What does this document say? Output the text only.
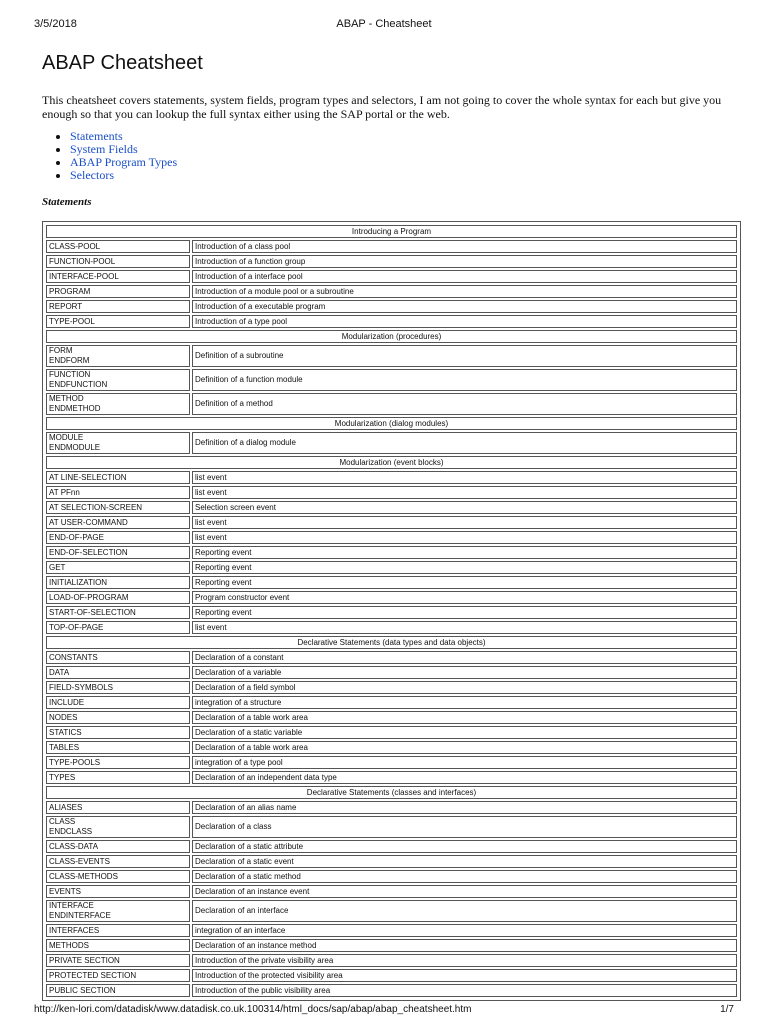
3/5/2018	ABAP - Cheatsheet
ABAP Cheatsheet
This cheatsheet covers statements, system fields, program types and selectors, I am not going to cover the whole syntax for each but give you enough so that you can lookup the full syntax either using the SAP portal or the web.
• Statements
• System Fields
• ABAP Program Types
• Selectors
Statements
Introducing a Program	
CLASS-POOL	Introduction of a class pool
FUNCTION-POOL	Introduction of a function group
INTERFACE-POOL	Introduction of a interface pool
PROGRAM	Introduction of a module pool or a subroutine
REPORT	Introduction of a executable program
TYPE-POOL	Introduction of a type pool
Modularization (procedures)	
FORM
ENDFORM	Definition of a subroutine
FUNCTION
ENDFUNCTION	Definition of a function module
METHOD
ENDMETHOD	Definition of a method
Modularization (dialog modules)	
MODULE
ENDMODULE	Definition of a dialog module
Modularization (event blocks)	
AT LINE-SELECTION	list event
AT PFnn	list event
AT SELECTION-SCREEN	Selection screen event
AT USER-COMMAND	list event
END-OF-PAGE	list event
END-OF-SELECTION	Reporting event
GET	Reporting event
INITIALIZATION	Reporting event
LOAD-OF-PROGRAM	Program constructor event
START-OF-SELECTION	Reporting event
TOP-OF-PAGE	list event
Declarative Statements (data types and data objects)	
CONSTANTS	Declaration of a constant
DATA	Declaration of a variable
FIELD-SYMBOLS	Declaration of a field symbol
INCLUDE	integration of a structure
NODES	Declaration of a table work area
STATICS	Declaration of a static variable
TABLES	Declaration of a table work area
TYPE-POOLS	integration of a type pool
TYPES	Declaration of an independent data type
Declarative Statements (classes and interfaces)	
ALIASES	Declaration of an alias name
CLASS
ENDCLASS	Declaration of a class
CLASS-DATA	Declaration of a static attribute
CLASS-EVENTS	Declaration of a static event
CLASS-METHODS	Declaration of a static method
EVENTS	Declaration of an instance event
INTERFACE
ENDINTERFACE	Declaration of an interface
INTERFACES	integration of an interface
METHODS	Declaration of an instance method
PRIVATE SECTION	Introduction of the private visibility area
PROTECTED SECTION	Introduction of the protected visibility area
PUBLIC SECTION	Introduction of the public visibility area
http://ken-lori.com/datadisk/www.datadisk.co.uk.100314/html_docs/sap/abap/abap_cheatsheet.htm	1/7
